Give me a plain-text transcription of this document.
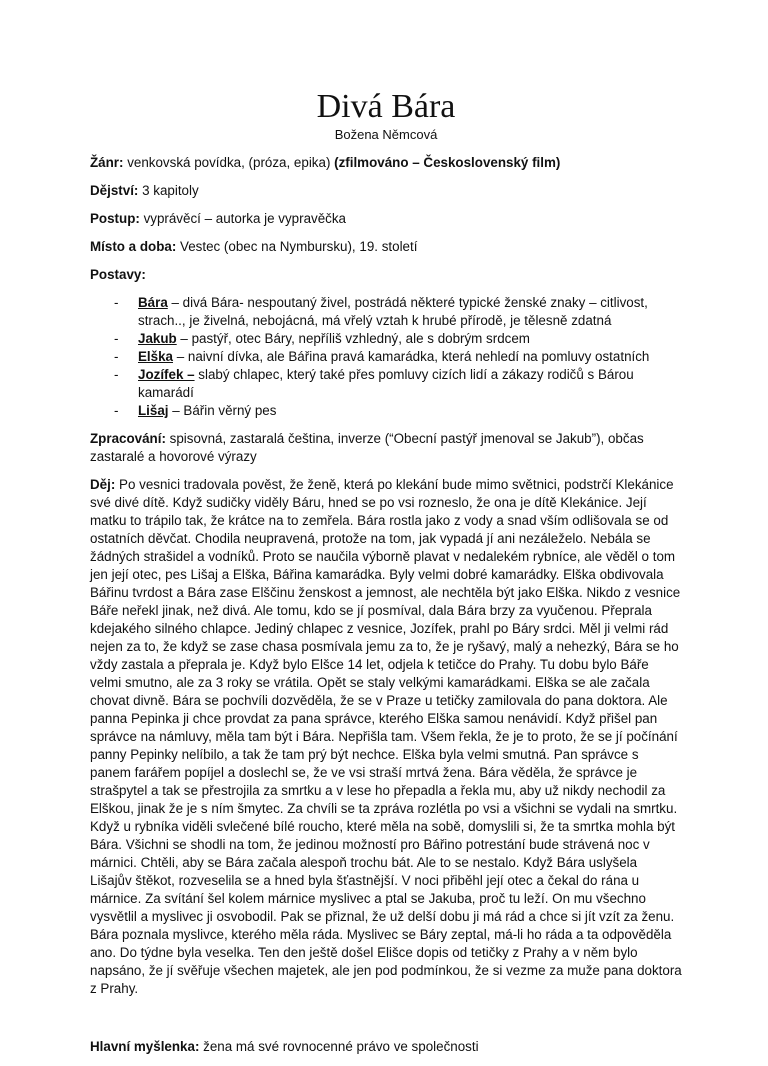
Divá Bára
Božena Němcová

Žánr: venkovská povídka, (próza, epika) (zfilmováno – Československý film)

Dějství: 3 kapitoly

Postup: vyprávěcí – autorka je vypravěčka

Místo a doba: Vestec (obec na Nymbursku), 19. století

Postavy:

- Bára – divá Bára- nespoutaný živel, postrádá některé typické ženské znaky – citlivost, strach.., je živelná, nebojácná, má vřelý vztah k hrubé přírodě, je tělesně zdatná
- Jakub – pastýř, otec Báry, nepříliš vzhledný, ale s dobrým srdcem
- Elška – naivní dívka, ale Bářina pravá kamarádka, která nehledí na pomluvy ostatních
- Jozífek – slabý chlapec, který také přes pomluvy cizích lidí a zákazy rodičů s Bárou kamarádí
- Lišaj – Bářin věrný pes

Zpracování: spisovná, zastaralá čeština, inverze (“Obecní pastýř jmenoval se Jakub”), občas zastaralé a hovorové výrazy

Děj: Po vesnici tradovala pověst, že ženě, která po klekání bude mimo světnici, podstrčí Klekánice své divé dítě. Když sudičky viděly Báru, hned se po vsi rozneslo, že ona je dítě Klekánice. Její matku to trápilo tak, že krátce na to zemřela. Bára rostla jako z vody a snad vším odlišovala se od ostatních děvčat. Chodila neupravená, protože na tom, jak vypadá jí ani nezáleželo. Nebála se žádných strašidel a vodníků. Proto se naučila výborně plavat v nedalekém rybníce, ale věděl o tom jen její otec, pes Lišaj a Elška, Bářina kamarádka. Byly velmi dobré kamarádky. Elška obdivovala Bářinu tvrdost a Bára zase Elščinu ženskost a jemnost, ale nechtěla být jako Elška. Nikdo z vesnice Báře neřekl jinak, než divá. Ale tomu, kdo se jí posmíval, dala Bára brzy za vyučenou. Přeprala kdejakého silného chlapce. Jediný chlapec z vesnice, Jozífek, prahl po Báry srdci. Měl ji velmi rád nejen za to, že když se zase chasa posmívala jemu za to, že je ryšavý, malý a nehezký, Bára se ho vždy zastala a přeprala je. Když bylo Elšce 14 let, odjela k tetičce do Prahy. Tu dobu bylo Báře velmi smutno, ale za 3 roky se vrátila. Opět se staly velkými kamarádkami. Elška se ale začala chovat divně. Bára se pochvíli dozvěděla, že se v Praze u tetičky zamilovala do pana doktora. Ale panna Pepinka ji chce provdat za pana správce, kterého Elška samou nenávidí. Když přišel pan správce na námluvy, měla tam být i Bára. Nepřišla tam. Všem řekla, že je to proto, že se jí počínání panny Pepinky nelíbilo, a tak že tam prý být nechce. Elška byla velmi smutná. Pan správce s panem farářem popíjel a doslechl se, že ve vsi straší mrtvá žena. Bára věděla, že správce je strašpytel a tak se přestrojila za smrtku a v lese ho přepadla a řekla mu, aby už nikdy nechodil za Elškou, jinak že je s ním šmytec. Za chvíli se ta zpráva rozlétla po vsi a všichni se vydali na smrtku. Když u rybníka viděli svlečené bílé roucho, které měla na sobě, domyslili si, že ta smrtka mohla být Bára. Všichni se shodli na tom, že jedinou možností pro Bářino potrestání bude strávená noc v márnici. Chtěli, aby se Bára začala alespoň trochu bát. Ale to se nestalo. Když Bára uslyšela Lišajův štěkot, rozveselila se a hned byla šťastnější. V noci přiběhl její otec a čekal do rána u márnice. Za svítání šel kolem márnice myslivec a ptal se Jakuba, proč tu leží. On mu všechno vysvětlil a myslivec ji osvobodil. Pak se přiznal, že už delší dobu ji má rád a chce si jít vzít za ženu. Bára poznala myslivce, kterého měla ráda. Myslivec se Báry zeptal, má-li ho ráda a ta odpověděla ano. Do týdne byla veselka. Ten den ještě došel Elišce dopis od tetičky z Prahy a v něm bylo napsáno, že jí svěřuje všechen majetek, ale jen pod podmínkou, že si vezme za muže pana doktora z Prahy.

Hlavní myšlenka: žena má své rovnocenné právo ve společnosti
